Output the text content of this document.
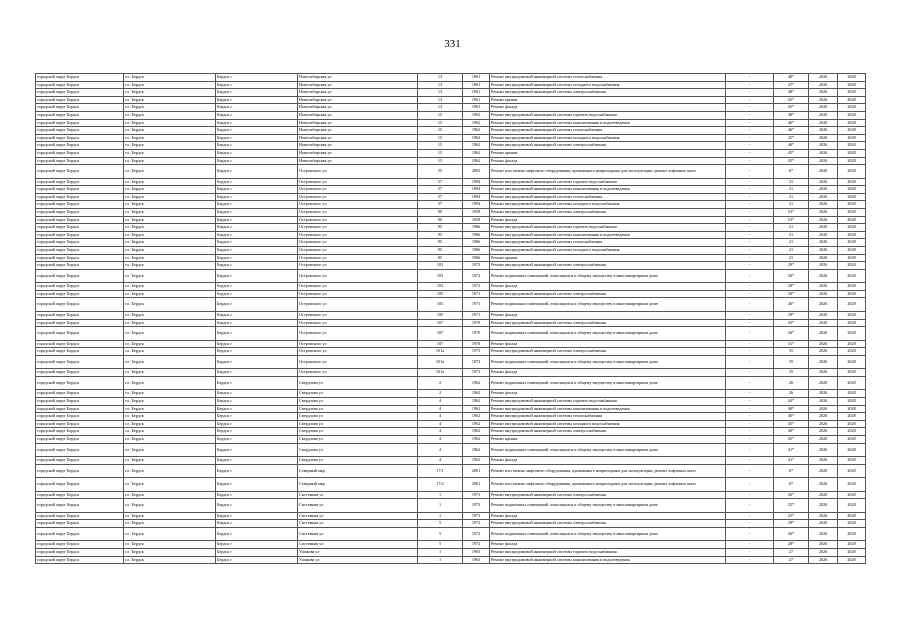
331
городской округ Бердск	г.о. Бердск	Бердск г	Новосибирская ул	13	1961	Ремонт внутридомовой инженерной системы теплоснабжения	-	48*	2026	2028
городской округ Бердск	г.о. Бердск	Бердск г	Новосибирская ул	13	1961	Ремонт внутридомовой инженерной системы холодного водоснабжения	-	47*	2026	2028
городской округ Бердск	г.о. Бердск	Бердск г	Новосибирская ул	13	1961	Ремонт внутридомовой инженерной системы электроснабжения	-	48*	2026	2028
городской округ Бердск	г.о. Бердск	Бердск г	Новосибирская ул	13	1961	Ремонт крыши	-	45*	2026	2028
городской округ Бердск	г.о. Бердск	Бердск г	Новосибирская ул	13	1961	Ремонт фасада	-	45*	2026	2028
городской округ Бердск	г.о. Бердск	Бердск г	Новосибирская ул	15	1962	Ремонт внутридомовой инженерной системы горячего водоснабжения	-	48*	2026	2028
городской округ Бердск	г.о. Бердск	Бердск г	Новосибирская ул	15	1962	Ремонт внутридомовой инженерной системы канализования и водоотведения	-	46*	2026	2028
городской округ Бердск	г.о. Бердск	Бердск г	Новосибирская ул	15	1962	Ремонт внутридомовой инженерной системы теплоснабжения	-	46*	2026	2028
городской округ Бердск	г.о. Бердск	Бердск г	Новосибирская ул	15	1962	Ремонт внутридомовой инженерной системы холодного водоснабжения	-	25*	2026	2028
городской округ Бердск	г.о. Бердск	Бердск г	Новосибирская ул	15	1962	Ремонт внутридомовой инженерной системы электроснабжения	-	46*	2026	2028
городской округ Бердск	г.о. Бердск	Бердск г	Новосибирская ул	15	1962	Ремонт крыши	-	45*	2026	2028
городской округ Бердск	г.о. Бердск	Бердск г	Новосибирская ул	15	1962	Ремонт фасада	-	45*	2026	2028
городской округ Бердск	г.о. Бердск	Бердск г	Островского ул	55	2003	Ремонт или замена лифтового оборудования, признанного непригодным для эксплуатации, ремонт лифтовых шахт	-	6*	2026	2028
городской округ Бердск	г.о. Бердск	Бердск г	Островского ул	57	1994	Ремонт внутридомовой инженерной системы горячего водоснабжения	-	31	2026	2028
городской округ Бердск	г.о. Бердск	Бердск г	Островского ул	57	1994	Ремонт внутридомовой инженерной системы канализования и водоотведения	-	31	2026	2028
городской округ Бердск	г.о. Бердск	Бердск г	Островского ул	57	1994	Ремонт внутридомовой инженерной системы теплоснабжения	-	31	2026	2028
городской округ Бердск	г.о. Бердск	Бердск г	Островского ул	57	1994	Ремонт внутридомовой инженерной системы холодного водоснабжения	-	31	2026	2028
городской округ Бердск	г.о. Бердск	Бердск г	Островского ул	90	1958	Ремонт внутридомовой инженерной системы электроснабжения	-	53*	2026	2028
городской округ Бердск	г.о. Бердск	Бердск г	Островского ул	90	1958	Ремонт фасада	-	53*	2026	2028
городской округ Бердск	г.о. Бердск	Бердск г	Островского ул	95	1966	Ремонт внутридомовой инженерной системы горячего водоснабжения	-	21	2026	2028
городской округ Бердск	г.о. Бердск	Бердск г	Островского ул	95	1966	Ремонт внутридомовой инженерной системы канализования и водоотведения	-	21	2026	2028
городской округ Бердск	г.о. Бердск	Бердск г	Островского ул	95	1966	Ремонт внутридомовой инженерной системы теплоснабжения	-	21	2026	2028
городской округ Бердск	г.о. Бердск	Бердск г	Островского ул	95	1966	Ремонт внутридомовой инженерной системы холодного водоснабжения	-	21	2026	2028
городской округ Бердск	г.о. Бердск	Бердск г	Островского ул	95	1966	Ремонт крыши	-	21	2026	2028
городской округ Бердск	г.о. Бердск	Бердск г	Островского ул	103	1972	Ремонт внутридомовой инженерной системы электроснабжения	-	29*	2026	2028
городской округ Бердск	г.о. Бердск	Бердск г	Островского ул	103	1972	Ремонт подвальных помещений, относящихся к общему имуществу в многоквартирном доме	-	26*	2026	2028
городской округ Бердск	г.о. Бердск	Бердск г	Островского ул	103	1972	Ремонт фасада	-	28*	2026	2028
городской округ Бердск	г.о. Бердск	Бердск г	Островского ул	105	1971	Ремонт внутридомовой инженерной системы электроснабжения	-	30*	2026	2028
городской округ Бердск	г.о. Бердск	Бердск г	Островского ул	105	1971	Ремонт подвальных помещений, относящихся к общему имуществу в многоквартирном доме	-	26*	2026	2028
городской округ Бердск	г.о. Бердск	Бердск г	Островского ул	105	1971	Ремонт фасада	-	29*	2026	2028
городской округ Бердск	г.о. Бердск	Бердск г	Островского ул	107	1970	Ремонт внутридомовой инженерной системы электроснабжения	-	32*	2026	2028
городской округ Бердск	г.о. Бердск	Бердск г	Островского ул	107	1970	Ремонт подвальных помещений, относящихся к общему имуществу в многоквартирном доме	-	26*	2026	2028
городской округ Бердск	г.о. Бердск	Бердск г	Островского ул	107	1970	Ремонт фасада	-	31*	2026	2028
городской округ Бердск	г.о. Бердск	Бердск г	Островского ул	101а	1973	Ремонт внутридомовой инженерной системы электроснабжения	-	35	2026	2028
городской округ Бердск	г.о. Бердск	Бердск г	Островского ул	101а	1973	Ремонт подвальных помещений, относящихся к общему имуществу в многоквартирном доме	-	35	2026	2028
городской округ Бердск	г.о. Бердск	Бердск г	Островского ул	101а	1973	Ремонт фасада	-	35	2026	2028
городской округ Бердск	г.о. Бердск	Бердск г	Свердлова ул	2	1962	Ремонт подвальных помещений, относящихся к общему имуществу в многоквартирном доме	-	26	2026	2028
городской округ Бердск	г.о. Бердск	Бердск г	Свердлова ул	2	1962	Ремонт фасада	-	26	2026	2028
городской округ Бердск	г.о. Бердск	Бердск г	Свердлова ул	4	1962	Ремонт внутридомовой инженерной системы горячего водоснабжения	-	44*	2026	2028
городской округ Бердск	г.о. Бердск	Бердск г	Свердлова ул	4	1962	Ремонт внутридомовой инженерной системы канализования и водоотведения	-	40*	2026	2028
городской округ Бердск	г.о. Бердск	Бердск г	Свердлова ул	4	1962	Ремонт внутридомовой инженерной системы теплоснабжения	-	46*	2026	2028
городской округ Бердск	г.о. Бердск	Бердск г	Свердлова ул	4	1962	Ремонт внутридомовой инженерной системы холодного водоснабжения	-	45*	2026	2028
городской округ Бердск	г.о. Бердск	Бердск г	Свердлова ул	4	1962	Ремонт внутридомовой инженерной системы электроснабжения	-	40*	2026	2028
городской округ Бердск	г.о. Бердск	Бердск г	Свердлова ул	4	1962	Ремонт крыши	-	45*	2026	2028
городской округ Бердск	г.о. Бердск	Бердск г	Свердлова ул	4	1962	Ремонт подвальных помещений, относящихся к общему имуществу в многоквартирном доме	-	41*	2026	2028
городской округ Бердск	г.о. Бердск	Бердск г	Свердлова ул	4	1962	Ремонт фасада	-	41*	2026	2028
городской округ Бердск	г.о. Бердск	Бердск г	Северный мкр	17/1	2001	Ремонт или замена лифтового оборудования, признанного непригодным для эксплуатации, ремонт лифтовых шахт	-	6*	2026	2028
городской округ Бердск	г.о. Бердск	Бердск г	Северный мкр	17/2	2001	Ремонт или замена лифтового оборудования, признанного непригодным для эксплуатации, ремонт лифтовых шахт	-	6*	2026	2028
городской округ Бердск	г.о. Бердск	Бердск г	Системная ул	1	1973	Ремонт внутридомовой инженерной системы электроснабжения	-	26*	2026	2028
городской округ Бердск	г.о. Бердск	Бердск г	Системная ул	1	1973	Ремонт подвальных помещений, относящихся к общему имуществу в многоквартирном доме	-	25*	2026	2028
городской округ Бердск	г.о. Бердск	Бердск г	Системная ул	1	1973	Ремонт фасада	-	25*	2026	2028
городской округ Бердск	г.о. Бердск	Бердск г	Системная ул	5	1972	Ремонт внутридомовой инженерной системы электроснабжения	-	29*	2026	2028
городской округ Бердск	г.о. Бердск	Бердск г	Системная ул	5	1972	Ремонт подвальных помещений, относящихся к общему имуществу в многоквартирном доме	-	26*	2026	2028
городской округ Бердск	г.о. Бердск	Бердск г	Системная ул	5	1972	Ремонт фасада	-	28*	2026	2028
городской округ Бердск	г.о. Бердск	Бердск г	Ушакова ул	1	1963	Ремонт внутридомовой инженерной системы горячего водоснабжения	-	27	2026	2028
городской округ Бердск	г.о. Бердск	Бердск г	Ушакова ул	1	1963	Ремонт внутридомовой инженерной системы канализования и водоотведения	-	27	2026	2028
